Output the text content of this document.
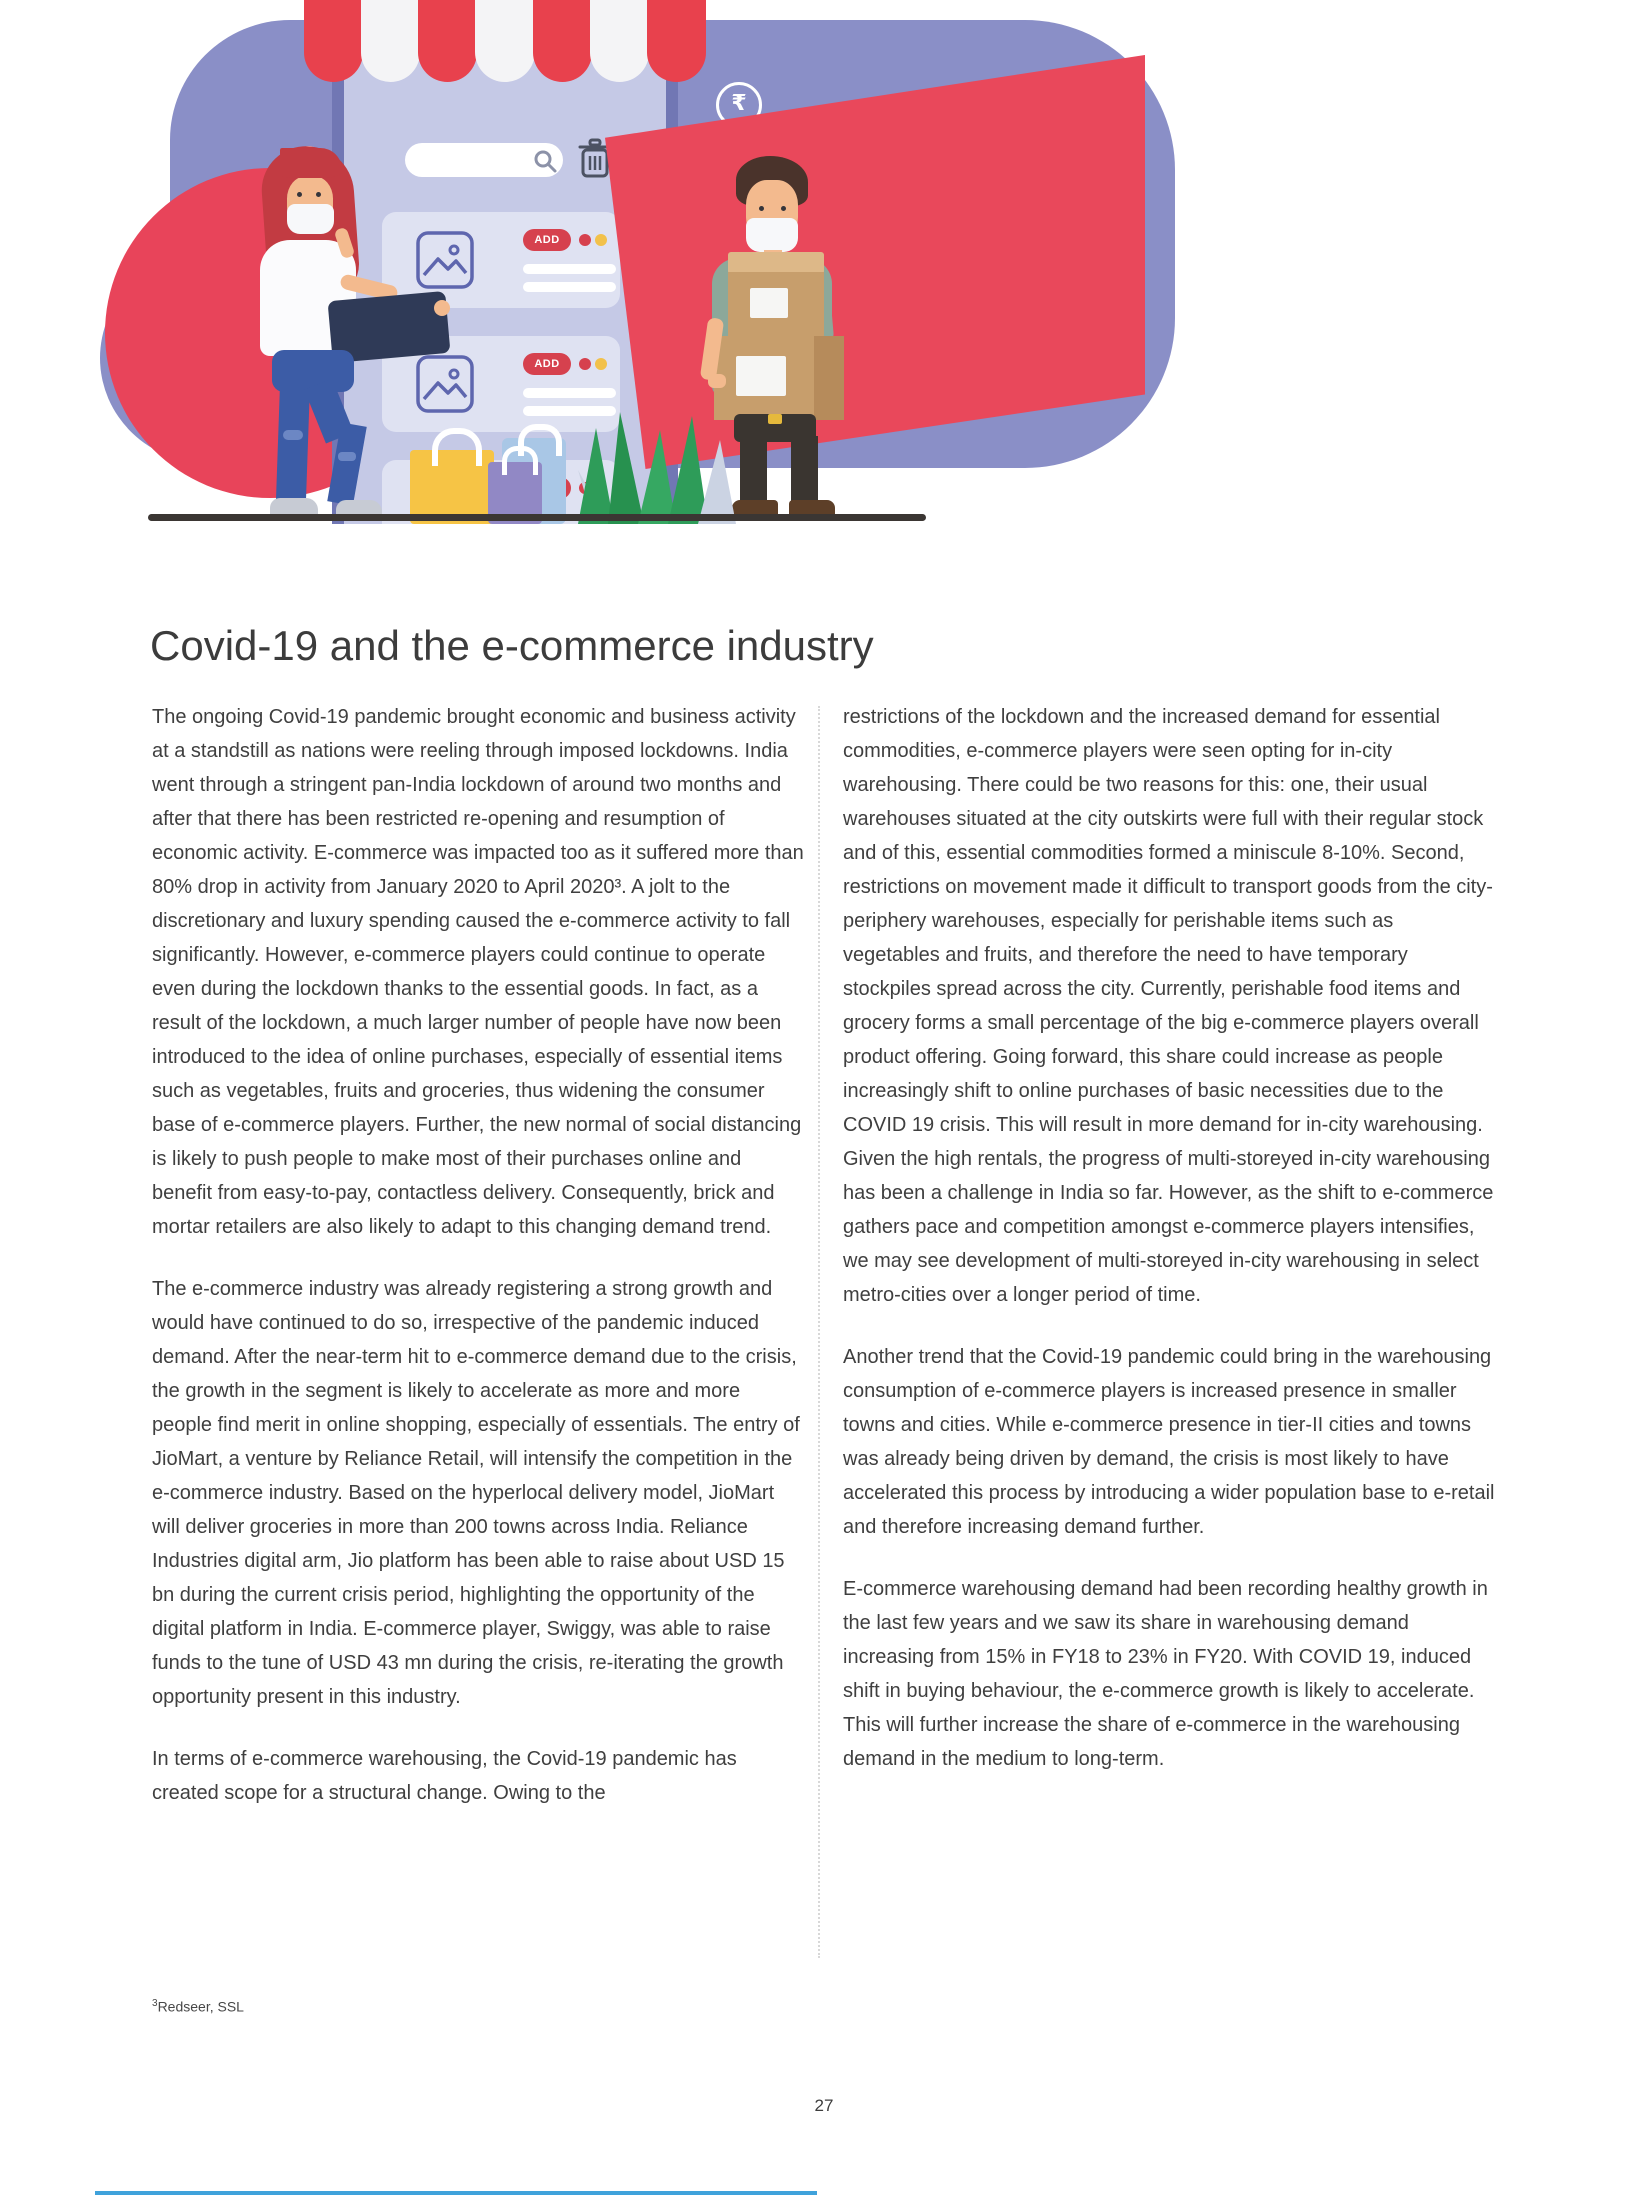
ADD
ADD
₹
Covid-19 and the e-commerce industry

The ongoing Covid-19 pandemic brought economic and business activity at a standstill as nations were reeling through imposed lockdowns. India went through a stringent pan-India lockdown of around two months and after that there has been restricted re-opening and resumption of economic activity. E-commerce was impacted too as it suffered more than 80% drop in activity from January 2020 to April 2020³. A jolt to the discretionary and luxury spending caused the e-commerce activity to fall significantly. However, e-commerce players could continue to operate even during the lockdown thanks to the essential goods. In fact, as a result of the lockdown, a much larger number of people have now been introduced to the idea of online purchases, especially of essential items such as vegetables, fruits and groceries, thus widening the consumer base of e-commerce players. Further, the new normal of social distancing is likely to push people to make most of their purchases online and benefit from easy-to-pay, contactless delivery. Consequently, brick and mortar retailers are also likely to adapt to this changing demand trend.

The e-commerce industry was already registering a strong growth and would have continued to do so, irrespective of the pandemic induced demand. After the near-term hit to e-commerce demand due to the crisis, the growth in the segment is likely to accelerate as more and more people find merit in online shopping, especially of essentials. The entry of JioMart, a venture by Reliance Retail, will intensify the competition in the e-commerce industry. Based on the hyperlocal delivery model, JioMart will deliver groceries in more than 200 towns across India. Reliance Industries digital arm, Jio platform has been able to raise about USD 15 bn during the current crisis period, highlighting the opportunity of the digital platform in India. E-commerce player, Swiggy, was able to raise funds to the tune of USD 43 mn during the crisis, re-iterating the growth opportunity present in this industry.

In terms of e-commerce warehousing, the Covid-19 pandemic has created scope for a structural change. Owing to the

restrictions of the lockdown and the increased demand for essential commodities, e-commerce players were seen opting for in-city warehousing. There could be two reasons for this: one, their usual warehouses situated at the city outskirts were full with their regular stock and of this, essential commodities formed a miniscule 8-10%. Second, restrictions on movement made it difficult to transport goods from the city-periphery warehouses, especially for perishable items such as vegetables and fruits, and therefore the need to have temporary stockpiles spread across the city. Currently, perishable food items and grocery forms a small percentage of the big e-commerce players overall product offering. Going forward, this share could increase as people increasingly shift to online purchases of basic necessities due to the COVID 19 crisis. This will result in more demand for in-city warehousing. Given the high rentals, the progress of multi-storeyed in-city warehousing has been a challenge in India so far. However, as the shift to e-commerce gathers pace and competition amongst e-commerce players intensifies, we may see development of multi-storeyed in-city warehousing in select metro-cities over a longer period of time.

Another trend that the Covid-19 pandemic could bring in the warehousing consumption of e-commerce players is increased presence in smaller towns and cities. While e-commerce presence in tier-II cities and towns was already being driven by demand, the crisis is most likely to have accelerated this process by introducing a wider population base to e-retail and therefore increasing demand further.

E-commerce warehousing demand had been recording healthy growth in the last few years and we saw its share in warehousing demand increasing from 15% in FY18 to 23% in FY20. With COVID 19, induced shift in buying behaviour, the e-commerce growth is likely to accelerate. This will further increase the share of e-commerce in the warehousing demand in the medium to long-term.

$^3$Redseer, SSL
27
